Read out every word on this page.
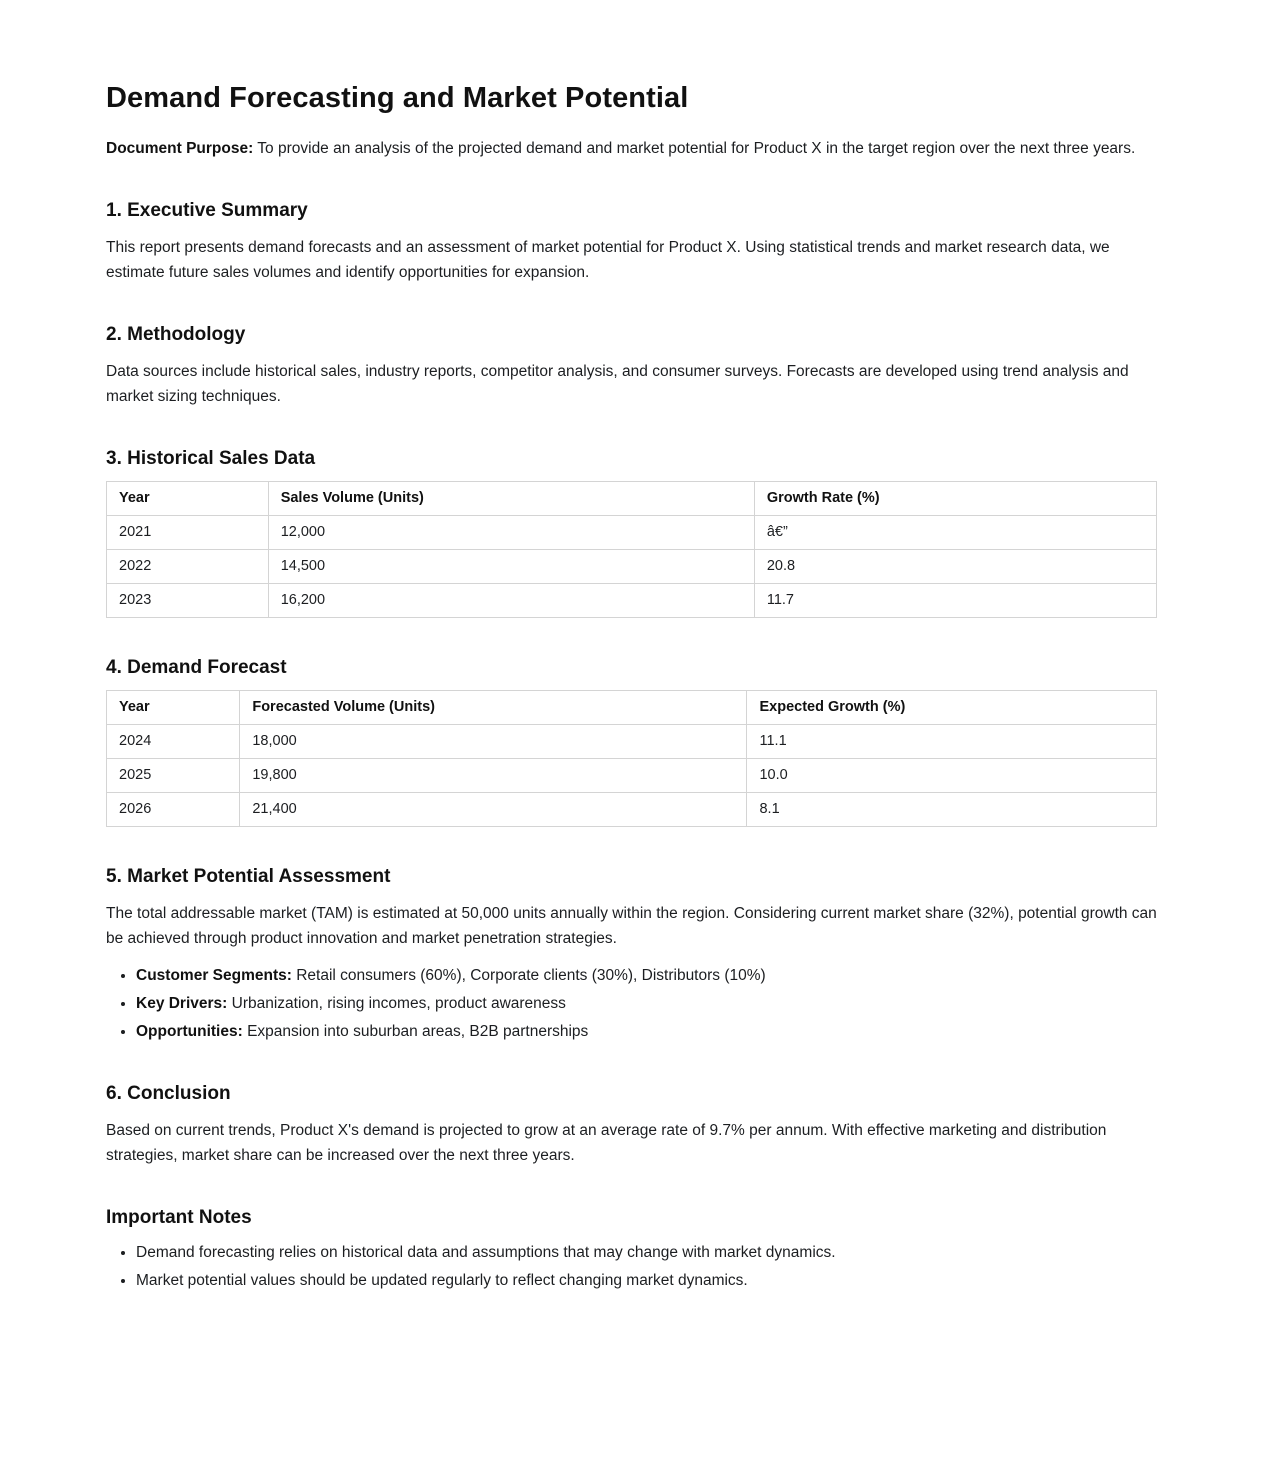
Demand Forecasting and Market Potential

Document Purpose: To provide an analysis of the projected demand and market potential for Product X in the target region over the next three years.

1. Executive Summary

This report presents demand forecasts and an assessment of market potential for Product X. Using statistical trends and market research data, we estimate future sales volumes and identify opportunities for expansion.

2. Methodology

Data sources include historical sales, industry reports, competitor analysis, and consumer surveys. Forecasts are developed using trend analysis and market sizing techniques.

3. Historical Sales Data
Year	Sales Volume (Units)	Growth Rate (%)
2021	12,000	â€”
2022	14,500	20.8
2023	16,200	11.7
4. Demand Forecast
Year	Forecasted Volume (Units)	Expected Growth (%)
2024	18,000	11.1
2025	19,800	10.0
2026	21,400	8.1
5. Market Potential Assessment

The total addressable market (TAM) is estimated at 50,000 units annually within the region. Considering current market share (32%), potential growth can be achieved through product innovation and market penetration strategies.

• Customer Segments: Retail consumers (60%), Corporate clients (30%), Distributors (10%)
• Key Drivers: Urbanization, rising incomes, product awareness
• Opportunities: Expansion into suburban areas, B2B partnerships
6. Conclusion

Based on current trends, Product X's demand is projected to grow at an average rate of 9.7% per annum. With effective marketing and distribution strategies, market share can be increased over the next three years.

Important Notes
• Demand forecasting relies on historical data and assumptions that may change with market dynamics.
• Market potential values should be updated regularly to reflect changing market dynamics.
